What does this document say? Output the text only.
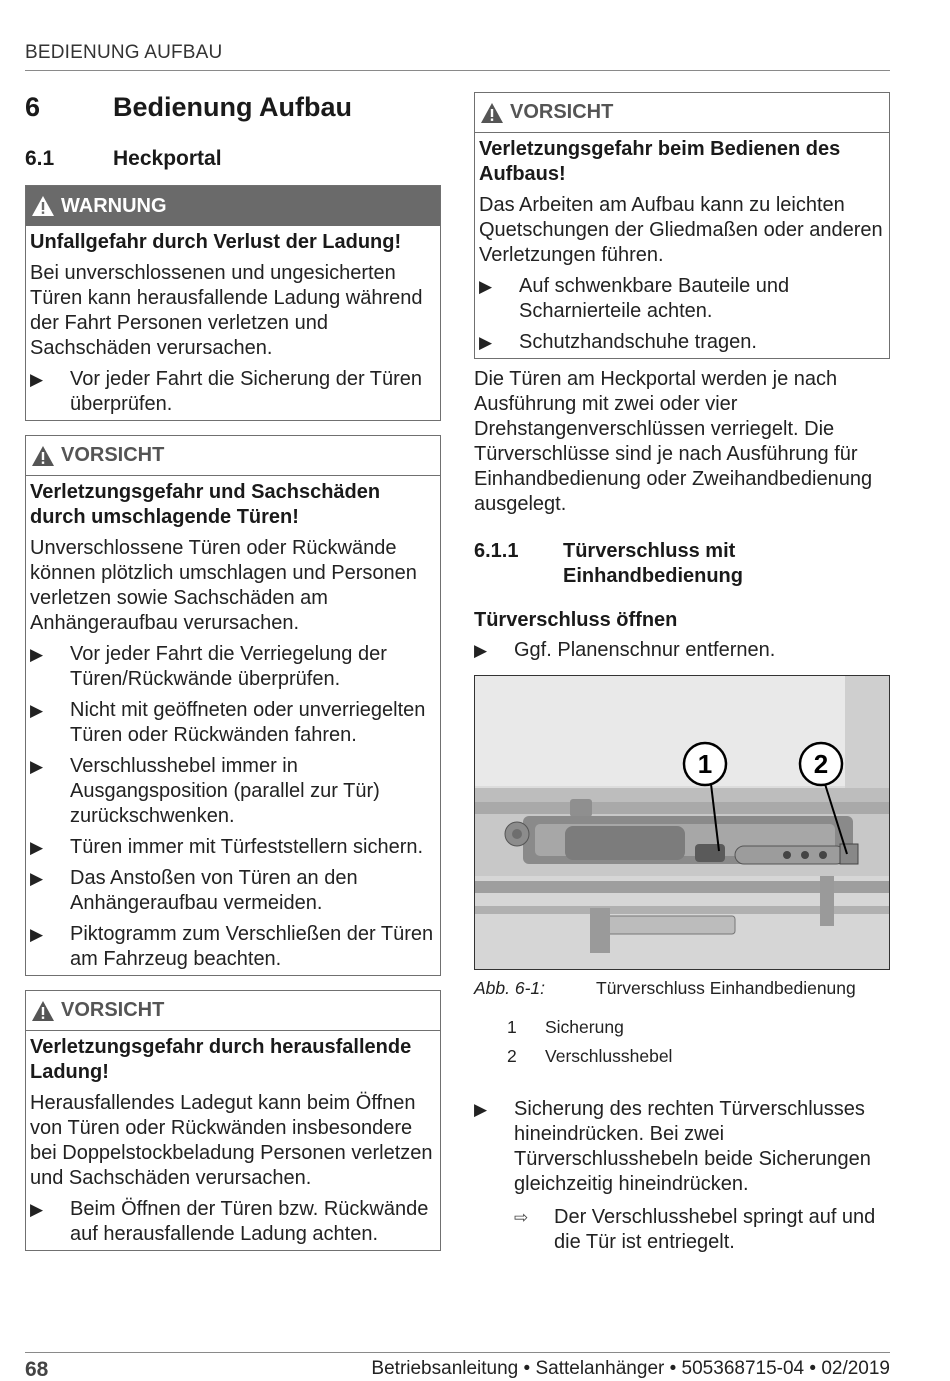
BEDIENUNG AUFBAU
6	Bedienung Aufbau
6.1	Heckportal
WARNUNG
Unfallgefahr durch Verlust der Ladung!
Bei unverschlossenen und ungesicherten Türen kann herausfallende Ladung während der Fahrt Personen verletzen und Sachschäden verursachen.
▶	Vor jeder Fahrt die Sicherung der Türen überprüfen.
VORSICHT
Verletzungsgefahr und Sachschäden durch umschlagende Türen!
Unverschlossene Türen oder Rückwände können plötzlich umschlagen und Personen verletzen sowie Sachschäden am Anhängeraufbau verursachen.
▶	Vor jeder Fahrt die Verriegelung der Türen/Rückwände überprüfen.
▶	Nicht mit geöffneten oder unverriegelten Türen oder Rückwänden fahren.
▶	Verschlusshebel immer in Ausgangsposition (parallel zur Tür) zurückschwenken.
▶	Türen immer mit Türfeststellern sichern.
▶	Das Anstoßen von Türen an den Anhängeraufbau vermeiden.
▶	Piktogramm zum Verschließen der Türen am Fahrzeug beachten.
VORSICHT
Verletzungsgefahr durch herausfallende Ladung!
Herausfallendes Ladegut kann beim Öffnen von Türen oder Rückwänden insbesondere bei Doppelstockbeladung Personen verletzen und Sachschäden verursachen.
▶	Beim Öffnen der Türen bzw. Rückwände auf herausfallende Ladung achten.
VORSICHT
Verletzungsgefahr beim Bedienen des Aufbaus!
Das Arbeiten am Aufbau kann zu leichten Quetschungen der Gliedmaßen oder anderen Verletzungen führen.
▶	Auf schwenkbare Bauteile und Scharnierteile achten.
▶	Schutzhandschuhe tragen.
Die Türen am Heckportal werden je nach Ausführung mit zwei oder vier Drehstangenverschlüssen verriegelt. Die Türverschlüsse sind je nach Ausführung für Einhandbedienung oder Zweihandbedienung ausgelegt.
6.1.1	Türverschluss mit Einhandbedienung
Türverschluss öffnen
▶	Ggf. Planenschnur entfernen.
1	2
Abb. 6-1:	Türverschluss Einhandbedienung
1	Sicherung
2	Verschlusshebel
▶	Sicherung des rechten Türverschlusses hineindrücken. Bei zwei Türverschlusshebeln beide Sicherungen gleichzeitig hineindrücken.
⇨	Der Verschlusshebel springt auf und die Tür ist entriegelt.
68	Betriebsanleitung • Sattelanhänger • 505368715-04 • 02/2019
